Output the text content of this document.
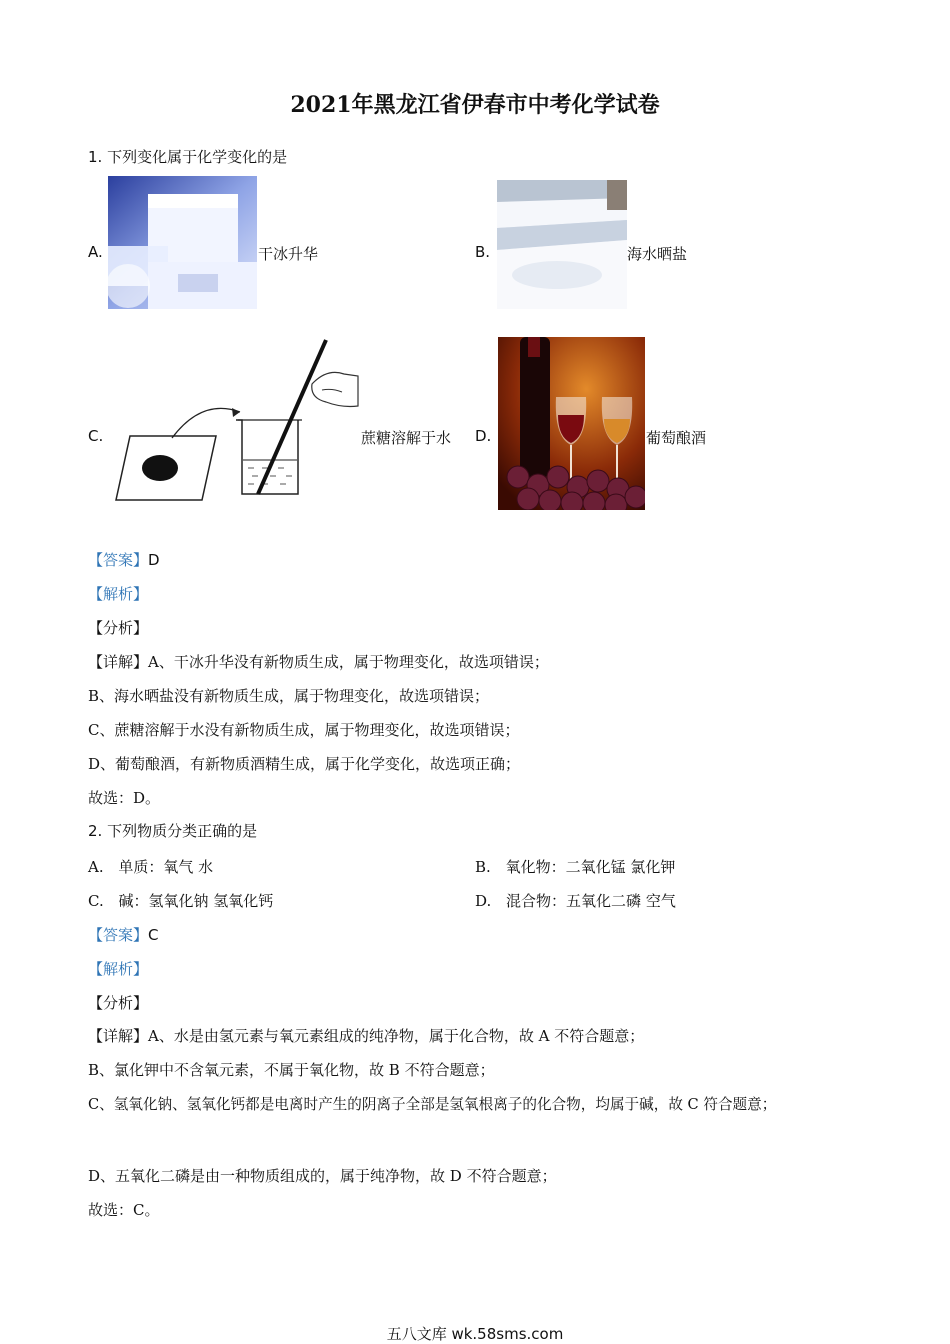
2021年黑龙江省伊春市中考化学试卷
1. 下列变化属于化学变化的是
A.	干冰升华	B.	海水晒盐
C.	蔗糖溶解于水 D.	葡萄酿酒
【答案】D
【解析】
【分析】
【详解】A、干冰升华没有新物质生成，属于物理变化，故选项错误；
B、海水晒盐没有新物质生成，属于物理变化，故选项错误；
C、蔗糖溶解于水没有新物质生成，属于物理变化，故选项错误；
D、葡萄酿酒，有新物质酒精生成，属于化学变化，故选项正确；
故选：D。
2. 下列物质分类正确的是
A. 单质：氧气 水	B. 氧化物：二氧化锰 氯化钾
C. 碱：氢氧化钠 氢氧化钙	D. 混合物：五氧化二磷 空气
【答案】C
【解析】
【分析】
【详解】A、水是由氢元素与氧元素组成的纯净物，属于化合物，故 A 不符合题意；
B、氯化钾中不含氧元素，不属于氧化物，故 B 不符合题意；
C、氢氧化钠、氢氧化钙都是电离时产生的阴离子全部是氢氧根离子的化合物，均属于碱，故 C 符合题意；
D、五氧化二磷是由一种物质组成的，属于纯净物，故 D 不符合题意；
故选：C。
五八文库 wk.58sms.com
